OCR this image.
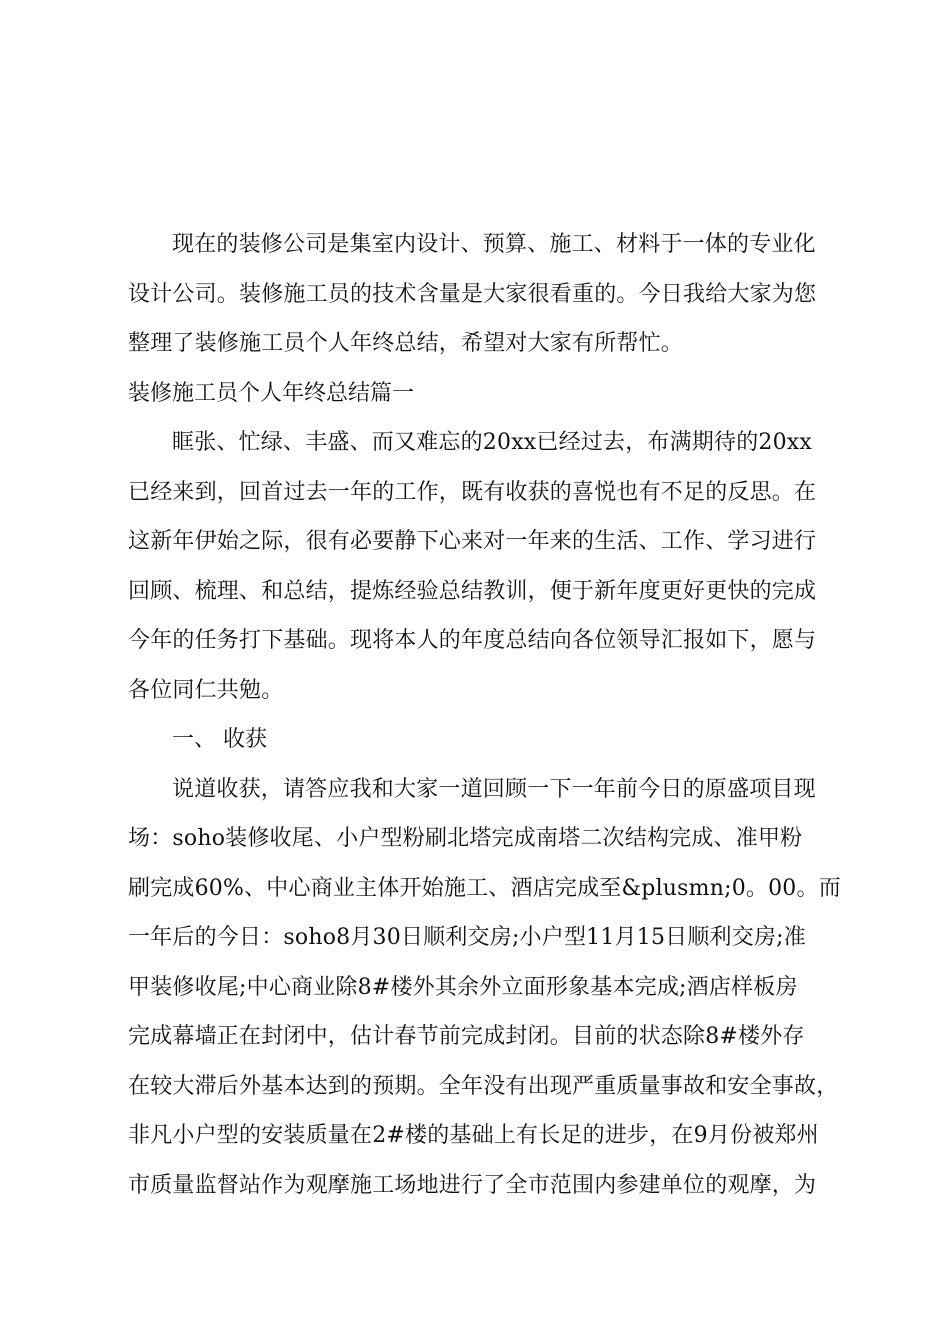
现在的装修公司是集室内设计、预算、施工、材料于一体的专业化
设计公司。装修施工员的技术含量是大家很看重的。今日我给大家为您
整理了装修施工员个人年终总结，希望对大家有所帮忙。
装修施工员个人年终总结篇一
眶张、忙绿、丰盛、而又难忘的20xx已经过去，布满期待的20xx
已经来到，回首过去一年的工作，既有收获的喜悦也有不足的反思。在
这新年伊始之际，很有必要静下心来对一年来的生活、工作、学习进行
回顾、梳理、和总结，提炼经验总结教训，便于新年度更好更快的完成
今年的任务打下基础。现将本人的年度总结向各位领导汇报如下，愿与
各位同仁共勉。
一、 收获
说道收获，请答应我和大家一道回顾一下一年前今日的原盛项目现
场：soho装修收尾、小户型粉刷北塔完成南塔二次结构完成、准甲粉
刷完成60%、中心商业主体开始施工、酒店完成至&plusmn;0。00。而
一年后的今日：soho8月30日顺利交房;小户型11月15日顺利交房;准
甲装修收尾;中心商业除8#楼外其余外立面形象基本完成;酒店样板房
完成幕墙正在封闭中，估计春节前完成封闭。目前的状态除8#楼外存
在较大滞后外基本达到的预期。全年没有出现严重质量事故和安全事故，
非凡小户型的安装质量在2#楼的基础上有长足的进步，在9月份被郑州
市质量监督站作为观摩施工场地进行了全市范围内参建单位的观摩，为
